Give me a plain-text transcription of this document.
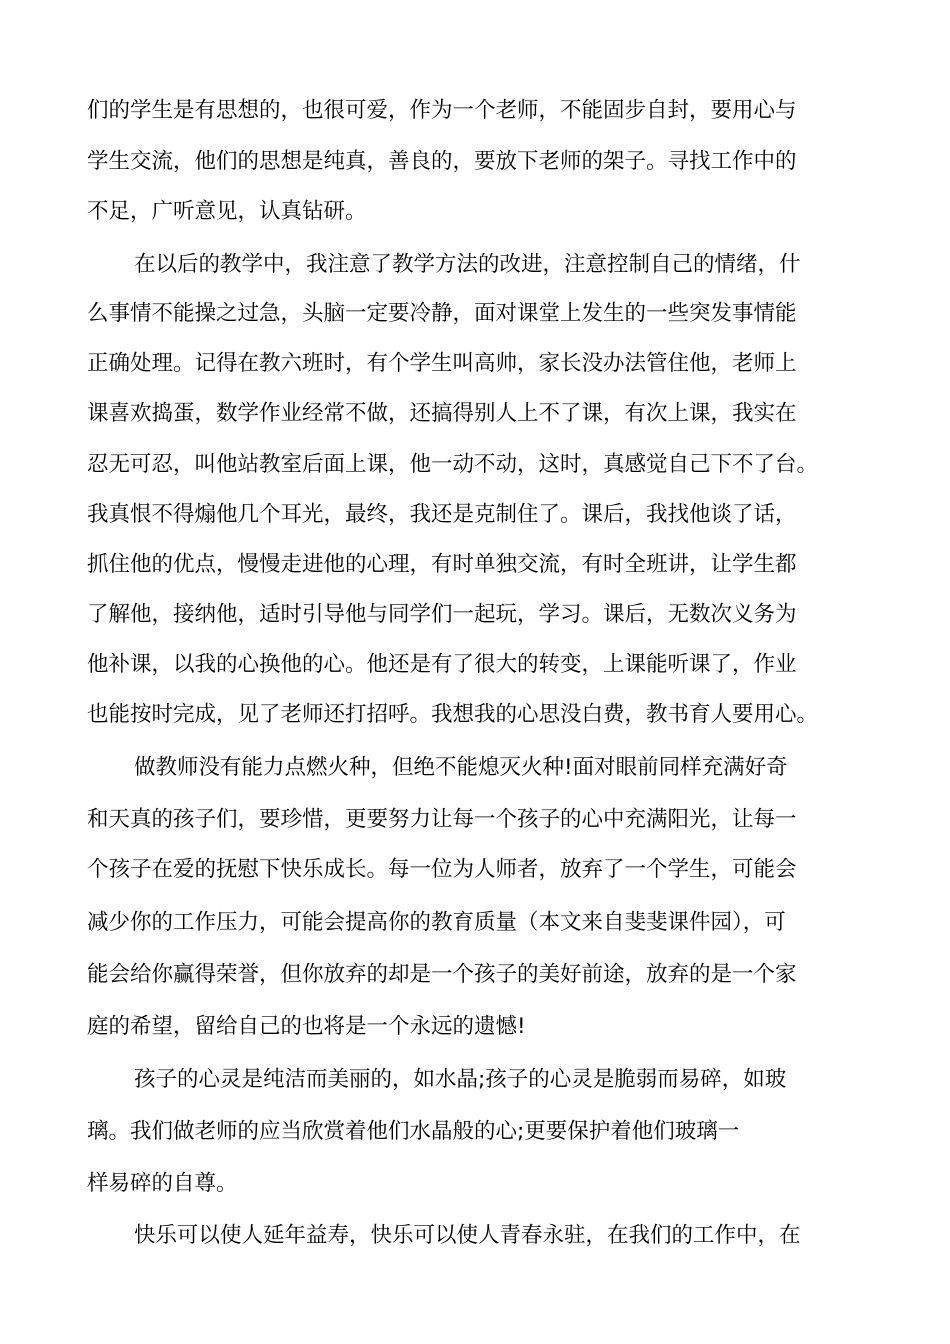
们的学生是有思想的，也很可爱，作为一个老师，不能固步自封，要用心与

学生交流，他们的思想是纯真，善良的，要放下老师的架子。寻找工作中的

不足，广听意见，认真钻研。

在以后的教学中，我注意了教学方法的改进，注意控制自己的情绪，什

么事情不能操之过急，头脑一定要冷静，面对课堂上发生的一些突发事情能

正确处理。记得在教六班时，有个学生叫高帅，家长没办法管住他，老师上

课喜欢捣蛋，数学作业经常不做，还搞得别人上不了课，有次上课，我实在

忍无可忍，叫他站教室后面上课，他一动不动，这时，真感觉自己下不了台。

我真恨不得煽他几个耳光，最终，我还是克制住了。课后，我找他谈了话，

抓住他的优点，慢慢走进他的心理，有时单独交流，有时全班讲，让学生都

了解他，接纳他，适时引导他与同学们一起玩，学习。课后，无数次义务为

他补课，以我的心换他的心。他还是有了很大的转变，上课能听课了，作业

也能按时完成，见了老师还打招呼。我想我的心思没白费，教书育人要用心。

做教师没有能力点燃火种，但绝不能熄灭火种!面对眼前同样充满好奇

和天真的孩子们，要珍惜，更要努力让每一个孩子的心中充满阳光，让每一

个孩子在爱的抚慰下快乐成长。每一位为人师者，放弃了一个学生，可能会

减少你的工作压力，可能会提高你的教育质量（本文来自斐斐课件园），可

能会给你赢得荣誉，但你放弃的却是一个孩子的美好前途，放弃的是一个家

庭的希望，留给自己的也将是一个永远的遗憾!

孩子的心灵是纯洁而美丽的，如水晶;孩子的心灵是脆弱而易碎，如玻

璃。我们做老师的应当欣赏着他们水晶般的心;更要保护着他们玻璃一

样易碎的自尊。

快乐可以使人延年益寿，快乐可以使人青春永驻，在我们的工作中，在
